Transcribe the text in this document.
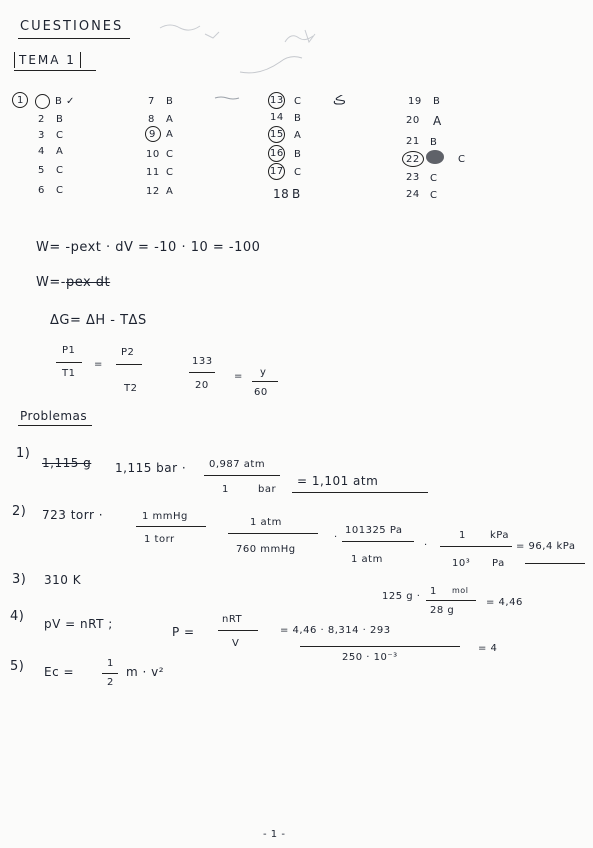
CUESTIONES
TEMA 1
1 ○ B ✓
2 B
3 C
4 A
5 C
6 C
7 B
8 A
9 A
10 C
11 C
12 A
13 C
14 B
15 A
16 B
17 C
18 B
ڪ	19 B
20 A
21 B
22	C
23 C
24 C
W= -pext · dV = -10 · 10 = -100
W=-pex dt
ΔG= ΔH - TΔS
P1
T1
=
P2
T2
133
20
= y
60
Problemas
1)
1,115 g 1,115 bar · 0,987 atm
1	bar
= 1,101 atm
2) 723 torr ·	1 mmHg
1 torr
1 atm
760 mmHg
·
101325 Pa
1 atm
·
1 kPa
10³ Pa
= 96,4 kPa
3) 310 K
125 g · 1 mol
28 g
= 4,46
4) pV = nRT ;
P =
nRT
V
= 4,46 · 8,314 · 293
250 · 10⁻³
= 4
5) Ec =
1
2
m · v²
- 1 -
